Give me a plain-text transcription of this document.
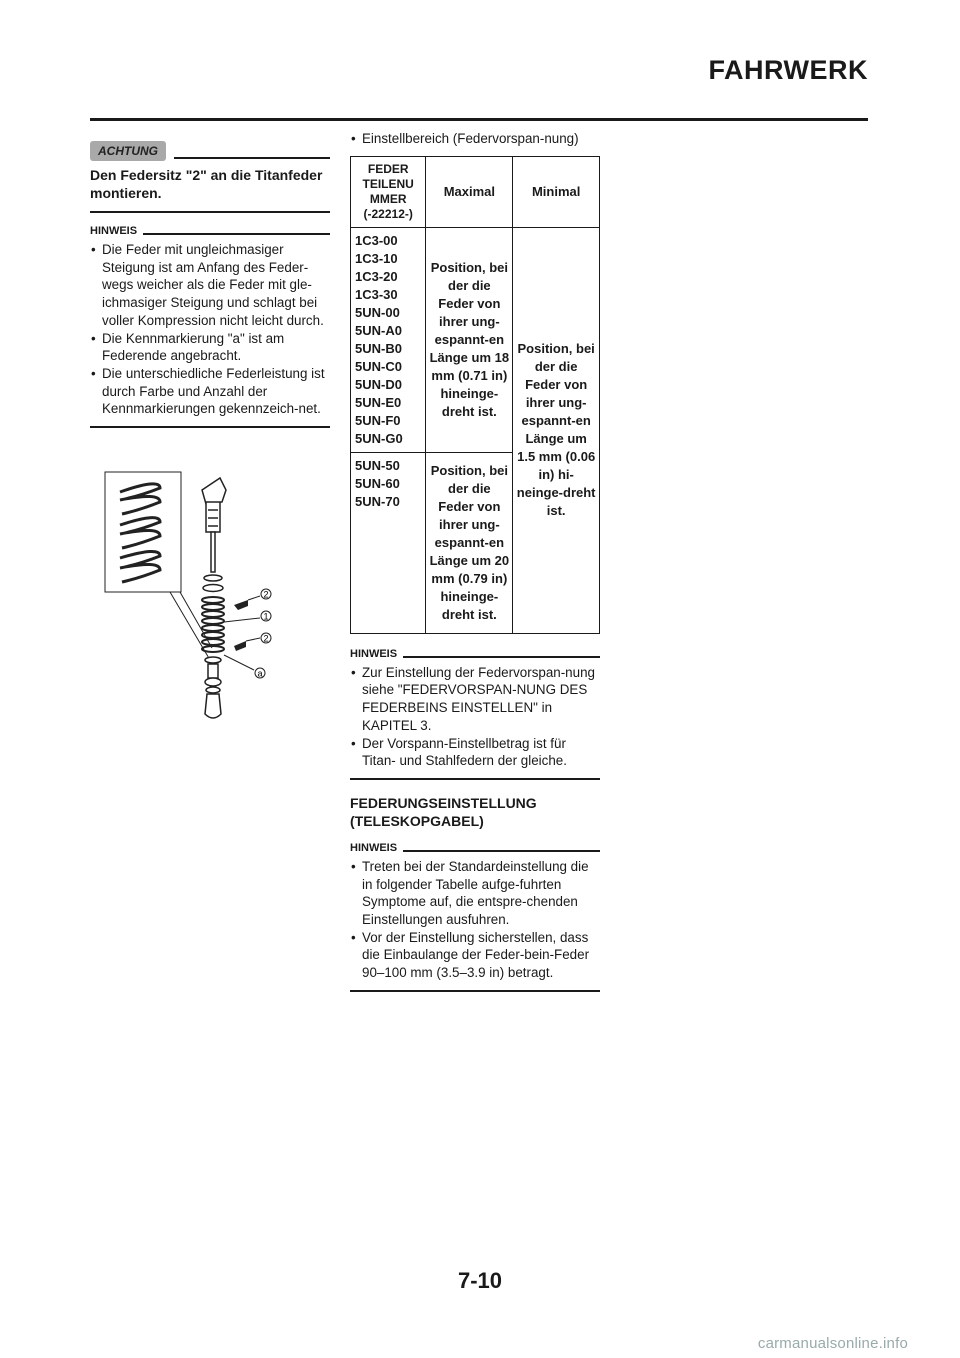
FAHRWERK
ACHTUNG
Den Federsitz "2" an die Titanfeder montieren.
HINWEIS
• Die Feder mit ungleichmasiger Steigung ist am Anfang des Feder-wegs weicher als die Feder mit gle-ichmasiger Steigung und schlagt bei voller Kompression nicht leicht durch.
• Die Kennmarkierung "a" ist am Federende angebracht.
• Die unterschiedliche Federleistung ist durch Farbe und Anzahl der Kennmarkierungen gekennzeich-net.
2
1
2
a
• Einstellbereich (Federvorspan-nung)
FEDER TEILENU MMER (-22212-)	Maximal	Minimal
1C3-00 1C3-10 1C3-20 1C3-30 5UN-00 5UN-A0 5UN-B0 5UN-C0 5UN-D0 5UN-E0 5UN-F0 5UN-G0	Position, bei der die Feder von ihrer ung-espannt-en Länge um 18 mm (0.71 in) hineinge-dreht ist.	Position, bei der die Feder von ihrer ung-espannt-en Länge um 1.5 mm (0.06 in) hi-neinge-dreht ist.
5UN-50 5UN-60 5UN-70	Position, bei der die Feder von ihrer ung-espannt-en Länge um 20 mm (0.79 in) hineinge-dreht ist.	
HINWEIS
• Zur Einstellung der Federvorspan-nung siehe "FEDERVORSPAN-NUNG DES FEDERBEINS EINSTELLEN" in KAPITEL 3.
• Der Vorspann-Einstellbetrag ist für Titan- und Stahlfedern der gleiche.
FEDERUNGSEINSTELLUNG (TELESKOPGABEL)
HINWEIS
• Treten bei der Standardeinstellung die in folgender Tabelle aufge-fuhrten Symptome auf, die entspre-chenden Einstellungen ausfuhren.
• Vor der Einstellung sicherstellen, dass die Einbaulange der Feder-bein-Feder 90–100 mm (3.5–3.9 in) betragt.
7-10
carmanualsonline.info
